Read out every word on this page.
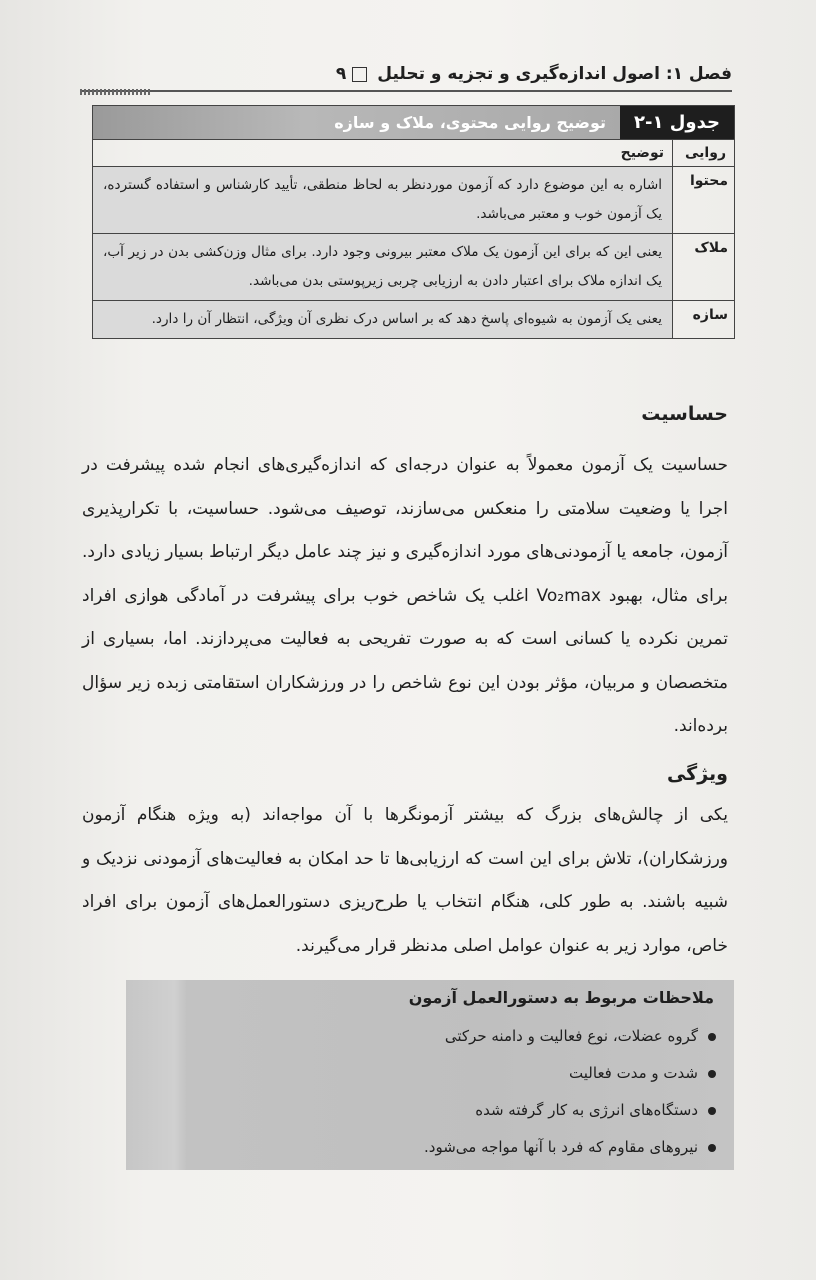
فصل ۱: اصول اندازه‌گیری و تجزیه و تحلیل
۹
جدول ۱-۲
توضیح روایی محتوی، ملاک و سازه
روایی
توضیح
محتوا
اشاره به این موضوع دارد که آزمون موردنظر به لحاظ منطقی، تأیید کارشناس و استفاده گسترده، یک آزمون خوب و معتبر می‌باشد.
ملاک
یعنی این که برای این آزمون یک ملاک معتبر بیرونی وجود دارد. برای مثال وزن‌کشی بدن در زیر آب، یک اندازه ملاک برای اعتبار دادن به ارزیابی چربی زیرپوستی بدن می‌باشد.
سازه
یعنی یک آزمون به شیوه‌ای پاسخ دهد که بر اساس درک نظری آن ویژگی، انتظار آن را دارد.
حساسیت
حساسیت یک آزمون معمولاً به عنوان درجه‌ای که اندازه‌گیری‌های انجام شده پیشرفت در اجرا یا وضعیت سلامتی را منعکس می‌سازند، توصیف می‌شود. حساسیت، با تکرارپذیری آزمون، جامعه یا آزمودنی‌های مورد اندازه‌گیری و نیز چند عامل دیگر ارتباط بسیار زیادی دارد. برای مثال، بهبود Vo₂max اغلب یک شاخص خوب برای پیشرفت در آمادگی هوازی افراد تمرین نکرده یا کسانی است که به صورت تفریحی به فعالیت می‌پردازند. اما، بسیاری از متخصصان و مربیان، مؤثر بودن این نوع شاخص را در ورزشکاران استقامتی زبده زیر سؤال برده‌اند.
ویژگی
یکی از چالش‌های بزرگ که بیشتر آزمونگرها با آن مواجه‌اند (به ویژه هنگام آزمون ورزشکاران)، تلاش برای این است که ارزیابی‌ها تا حد امکان به فعالیت‌های آزمودنی نزدیک و شبیه باشند. به طور کلی، هنگام انتخاب یا طرح‌ریزی دستورالعمل‌های آزمون برای افراد خاص، موارد زیر به عنوان عوامل اصلی مدنظر قرار می‌گیرند.
ملاحظات مربوط به دستورالعمل آزمون
گروه عضلات، نوع فعالیت و دامنه حرکتی
شدت و مدت فعالیت
دستگاه‌های انرژی به کار گرفته شده
نیروهای مقاوم که فرد با آنها مواجه می‌شود.
